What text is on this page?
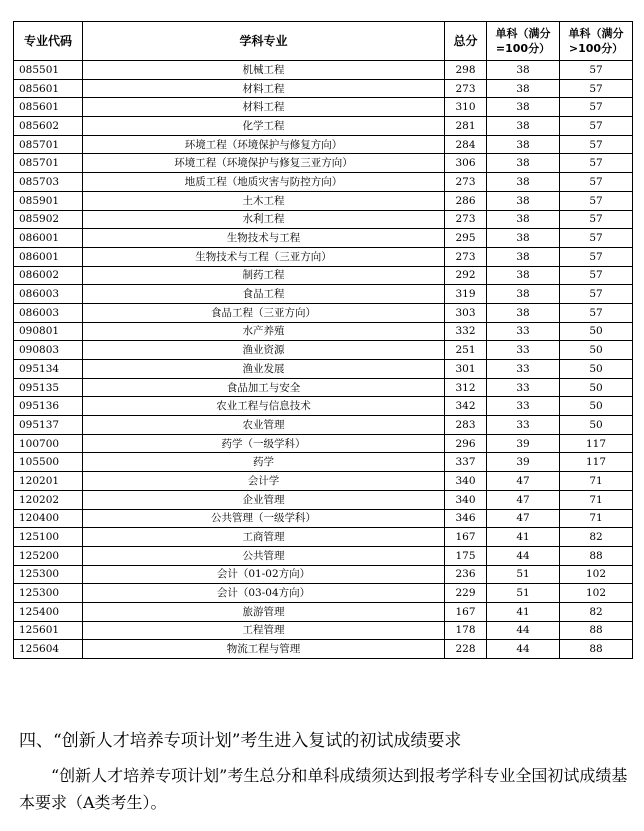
专业代码	学科专业	总分	单科（满分=100分）	单科（满分>100分）
085501	机械工程	298	38	57
085601	材料工程	273	38	57
085601	材料工程	310	38	57
085602	化学工程	281	38	57
085701	环境工程（环境保护与修复方向）	284	38	57
085701	环境工程（环境保护与修复三亚方向）	306	38	57
085703	地质工程（地质灾害与防控方向）	273	38	57
085901	土木工程	286	38	57
085902	水利工程	273	38	57
086001	生物技术与工程	295	38	57
086001	生物技术与工程（三亚方向）	273	38	57
086002	制药工程	292	38	57
086003	食品工程	319	38	57
086003	食品工程（三亚方向）	303	38	57
090801	水产养殖	332	33	50
090803	渔业资源	251	33	50
095134	渔业发展	301	33	50
095135	食品加工与安全	312	33	50
095136	农业工程与信息技术	342	33	50
095137	农业管理	283	33	50
100700	药学（一级学科）	296	39	117
105500	药学	337	39	117
120201	会计学	340	47	71
120202	企业管理	340	47	71
120400	公共管理（一级学科）	346	47	71
125100	工商管理	167	41	82
125200	公共管理	175	44	88
125300	会计（01-02方向）	236	51	102
125300	会计（03-04方向）	229	51	102
125400	旅游管理	167	41	82
125601	工程管理	178	44	88
125604	物流工程与管理	228	44	88
四、“创新人才培养专项计划”考生进入复试的初试成绩要求

“创新人才培养专项计划”考生总分和单科成绩须达到报考学科专业全国初试成绩基本要求（A类考生）。
